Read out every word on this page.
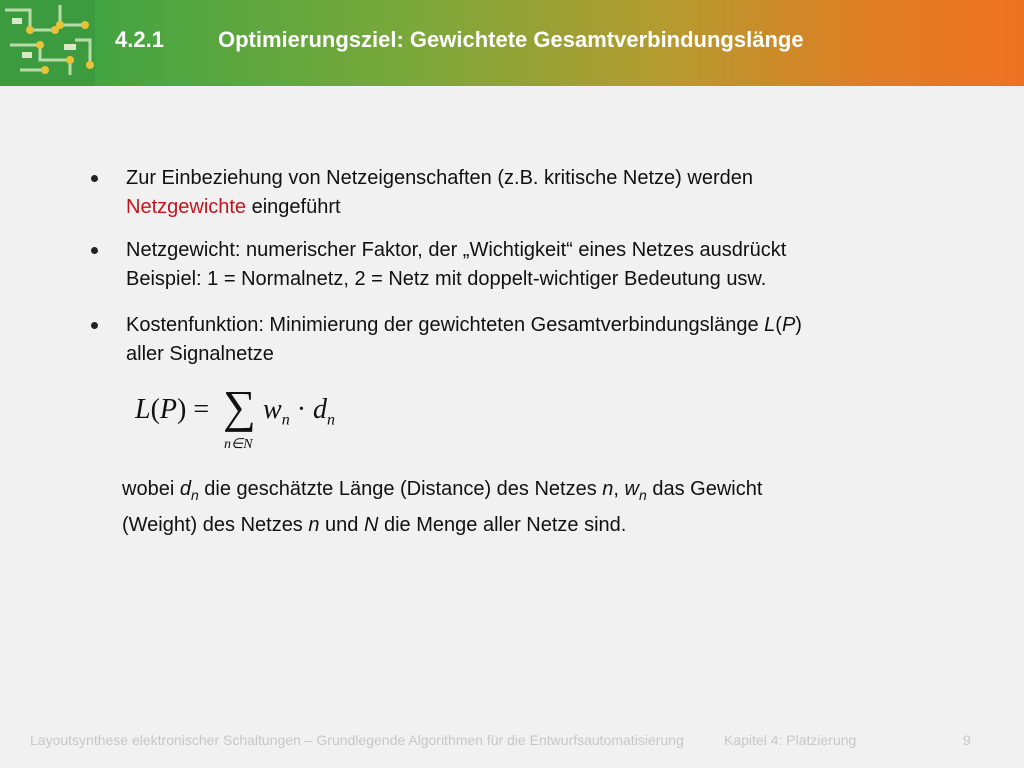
4.2.1 Optimierungsziel: Gewichtete Gesamtverbindungslänge
Zur Einbeziehung von Netzeigenschaften (z.B. kritische Netze) werden
Netzgewichte eingeführt
Netzgewicht: numerischer Faktor, der „Wichtigkeit“ eines Netzes ausdrückt
Beispiel: 1 = Normalnetz, 2 = Netz mit doppelt-wichtiger Bedeutung usw.
Kostenfunktion: Minimierung der gewichteten Gesamtverbindungslänge L(P)
aller Signalnetze
L(P) = ∑
n∈N
$w_n \cdot d_n$
wobei $d_n$ die geschätzte Länge (Distance) des Netzes n, $w_n$ das Gewicht
(Weight) des Netzes n und N die Menge aller Netze sind.
Layoutsynthese elektronischer Schaltungen – Grundlegende Algorithmen für die Entwurfsautomatisierung	Kapitel 4: Platzierung	9
